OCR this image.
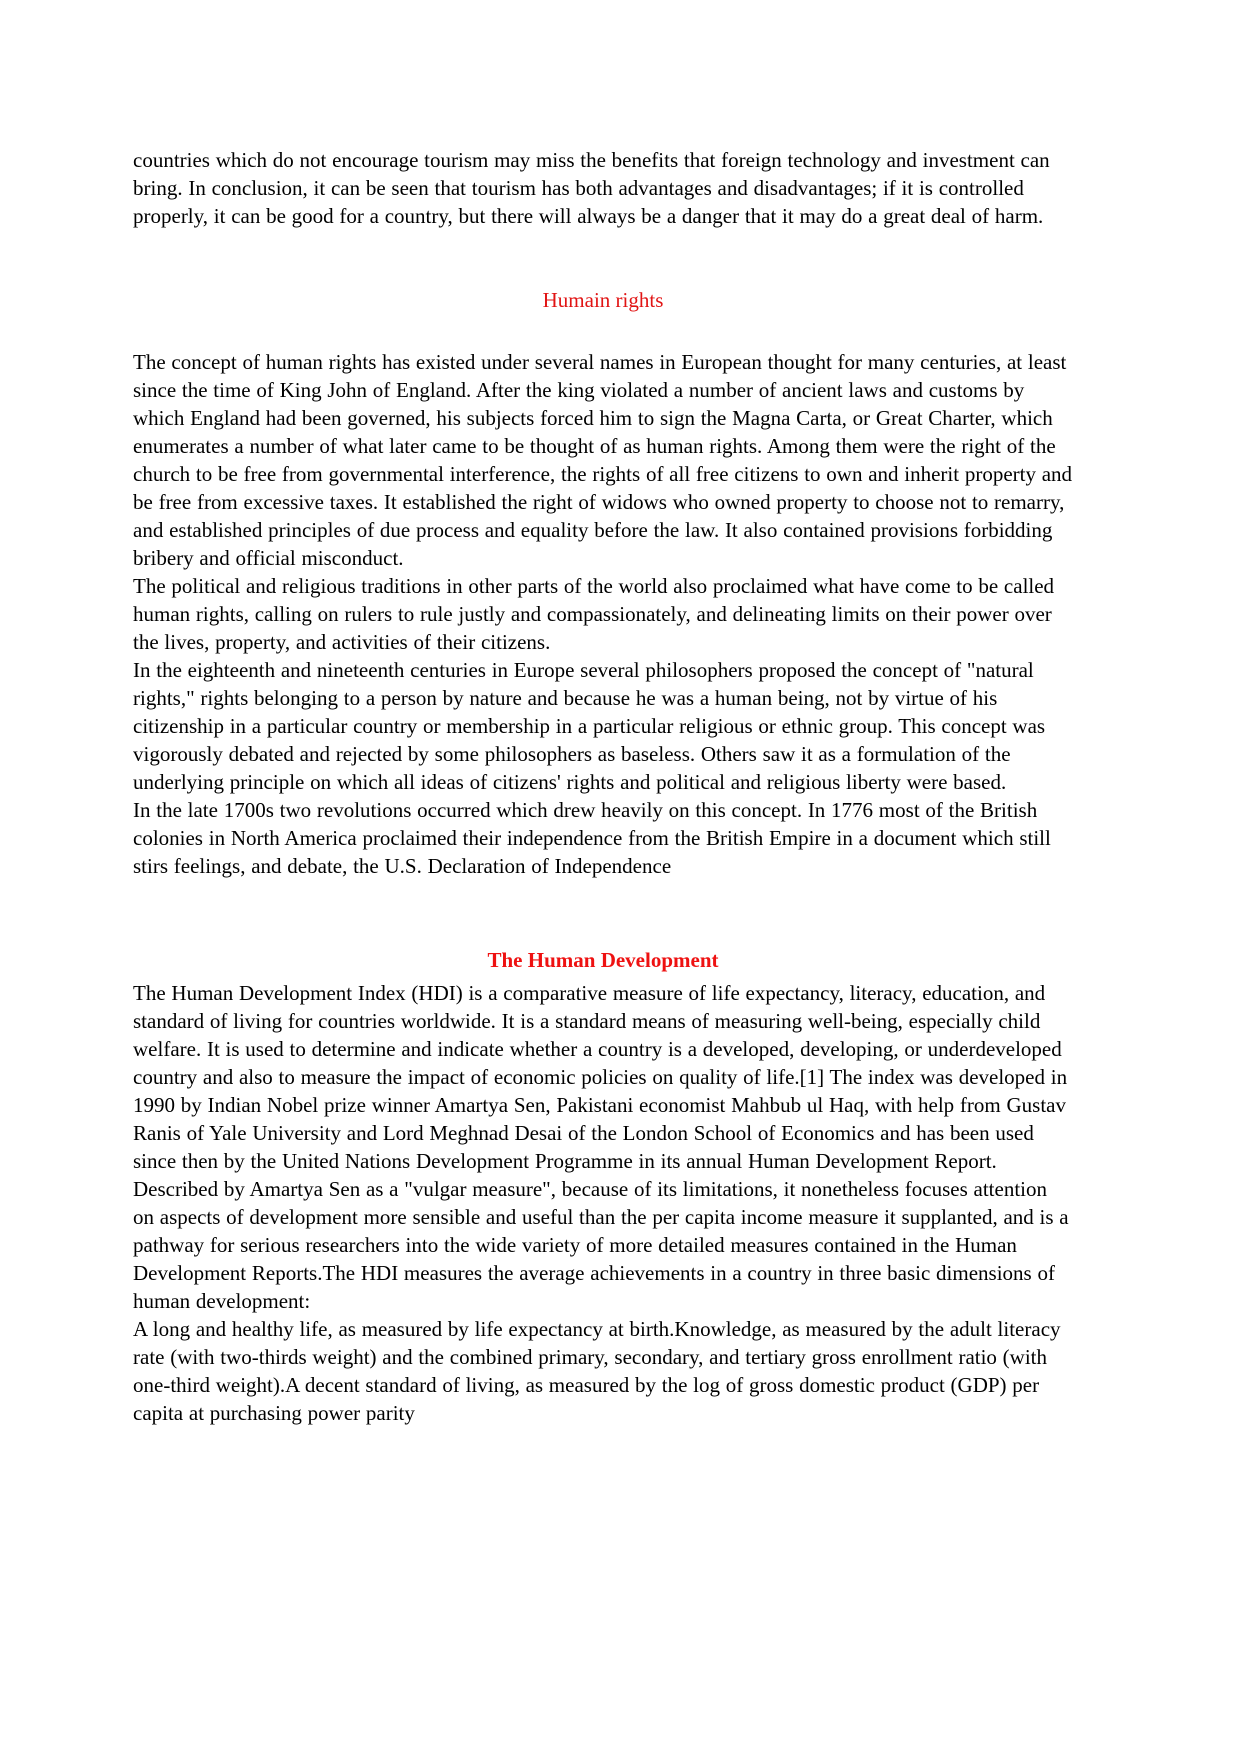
countries which do not encourage tourism may miss the benefits that foreign technology and investment can bring. In conclusion, it can be seen that tourism has both advantages and disadvantages; if it is controlled properly, it can be good for a country, but there will always be a danger that it may do a great deal of harm.

Humain rights

The concept of human rights has existed under several names in European thought for many centuries, at least since the time of King John of England. After the king violated a number of ancient laws and customs by which England had been governed, his subjects forced him to sign the Magna Carta, or Great Charter, which enumerates a number of what later came to be thought of as human rights. Among them were the right of the church to be free from governmental interference, the rights of all free citizens to own and inherit property and be free from excessive taxes. It established the right of widows who owned property to choose not to remarry, and established principles of due process and equality before the law. It also contained provisions forbidding bribery and official misconduct.

The political and religious traditions in other parts of the world also proclaimed what have come to be called human rights, calling on rulers to rule justly and compassionately, and delineating limits on their power over the lives, property, and activities of their citizens.

In the eighteenth and nineteenth centuries in Europe several philosophers proposed the concept of "natural rights," rights belonging to a person by nature and because he was a human being, not by virtue of his citizenship in a particular country or membership in a particular religious or ethnic group. This concept was vigorously debated and rejected by some philosophers as baseless. Others saw it as a formulation of the underlying principle on which all ideas of citizens' rights and political and religious liberty were based.

In the late 1700s two revolutions occurred which drew heavily on this concept. In 1776 most of the British colonies in North America proclaimed their independence from the British Empire in a document which still stirs feelings, and debate, the U.S. Declaration of Independence

The Human Development

The Human Development Index (HDI) is a comparative measure of life expectancy, literacy, education, and standard of living for countries worldwide. It is a standard means of measuring well-being, especially child welfare. It is used to determine and indicate whether a country is a developed, developing, or underdeveloped country and also to measure the impact of economic policies on quality of life.[1] The index was developed in 1990 by Indian Nobel prize winner Amartya Sen, Pakistani economist Mahbub ul Haq, with help from Gustav Ranis of Yale University and Lord Meghnad Desai of the London School of Economics and has been used since then by the United Nations Development Programme in its annual Human Development Report. Described by Amartya Sen as a "vulgar measure", because of its limitations, it nonetheless focuses attention on aspects of development more sensible and useful than the per capita income measure it supplanted, and is a pathway for serious researchers into the wide variety of more detailed measures contained in the Human Development Reports.The HDI measures the average achievements in a country in three basic dimensions of human development:

A long and healthy life, as measured by life expectancy at birth.Knowledge, as measured by the adult literacy rate (with two-thirds weight) and the combined primary, secondary, and tertiary gross enrollment ratio (with one-third weight).A decent standard of living, as measured by the log of gross domestic product (GDP) per capita at purchasing power parity
